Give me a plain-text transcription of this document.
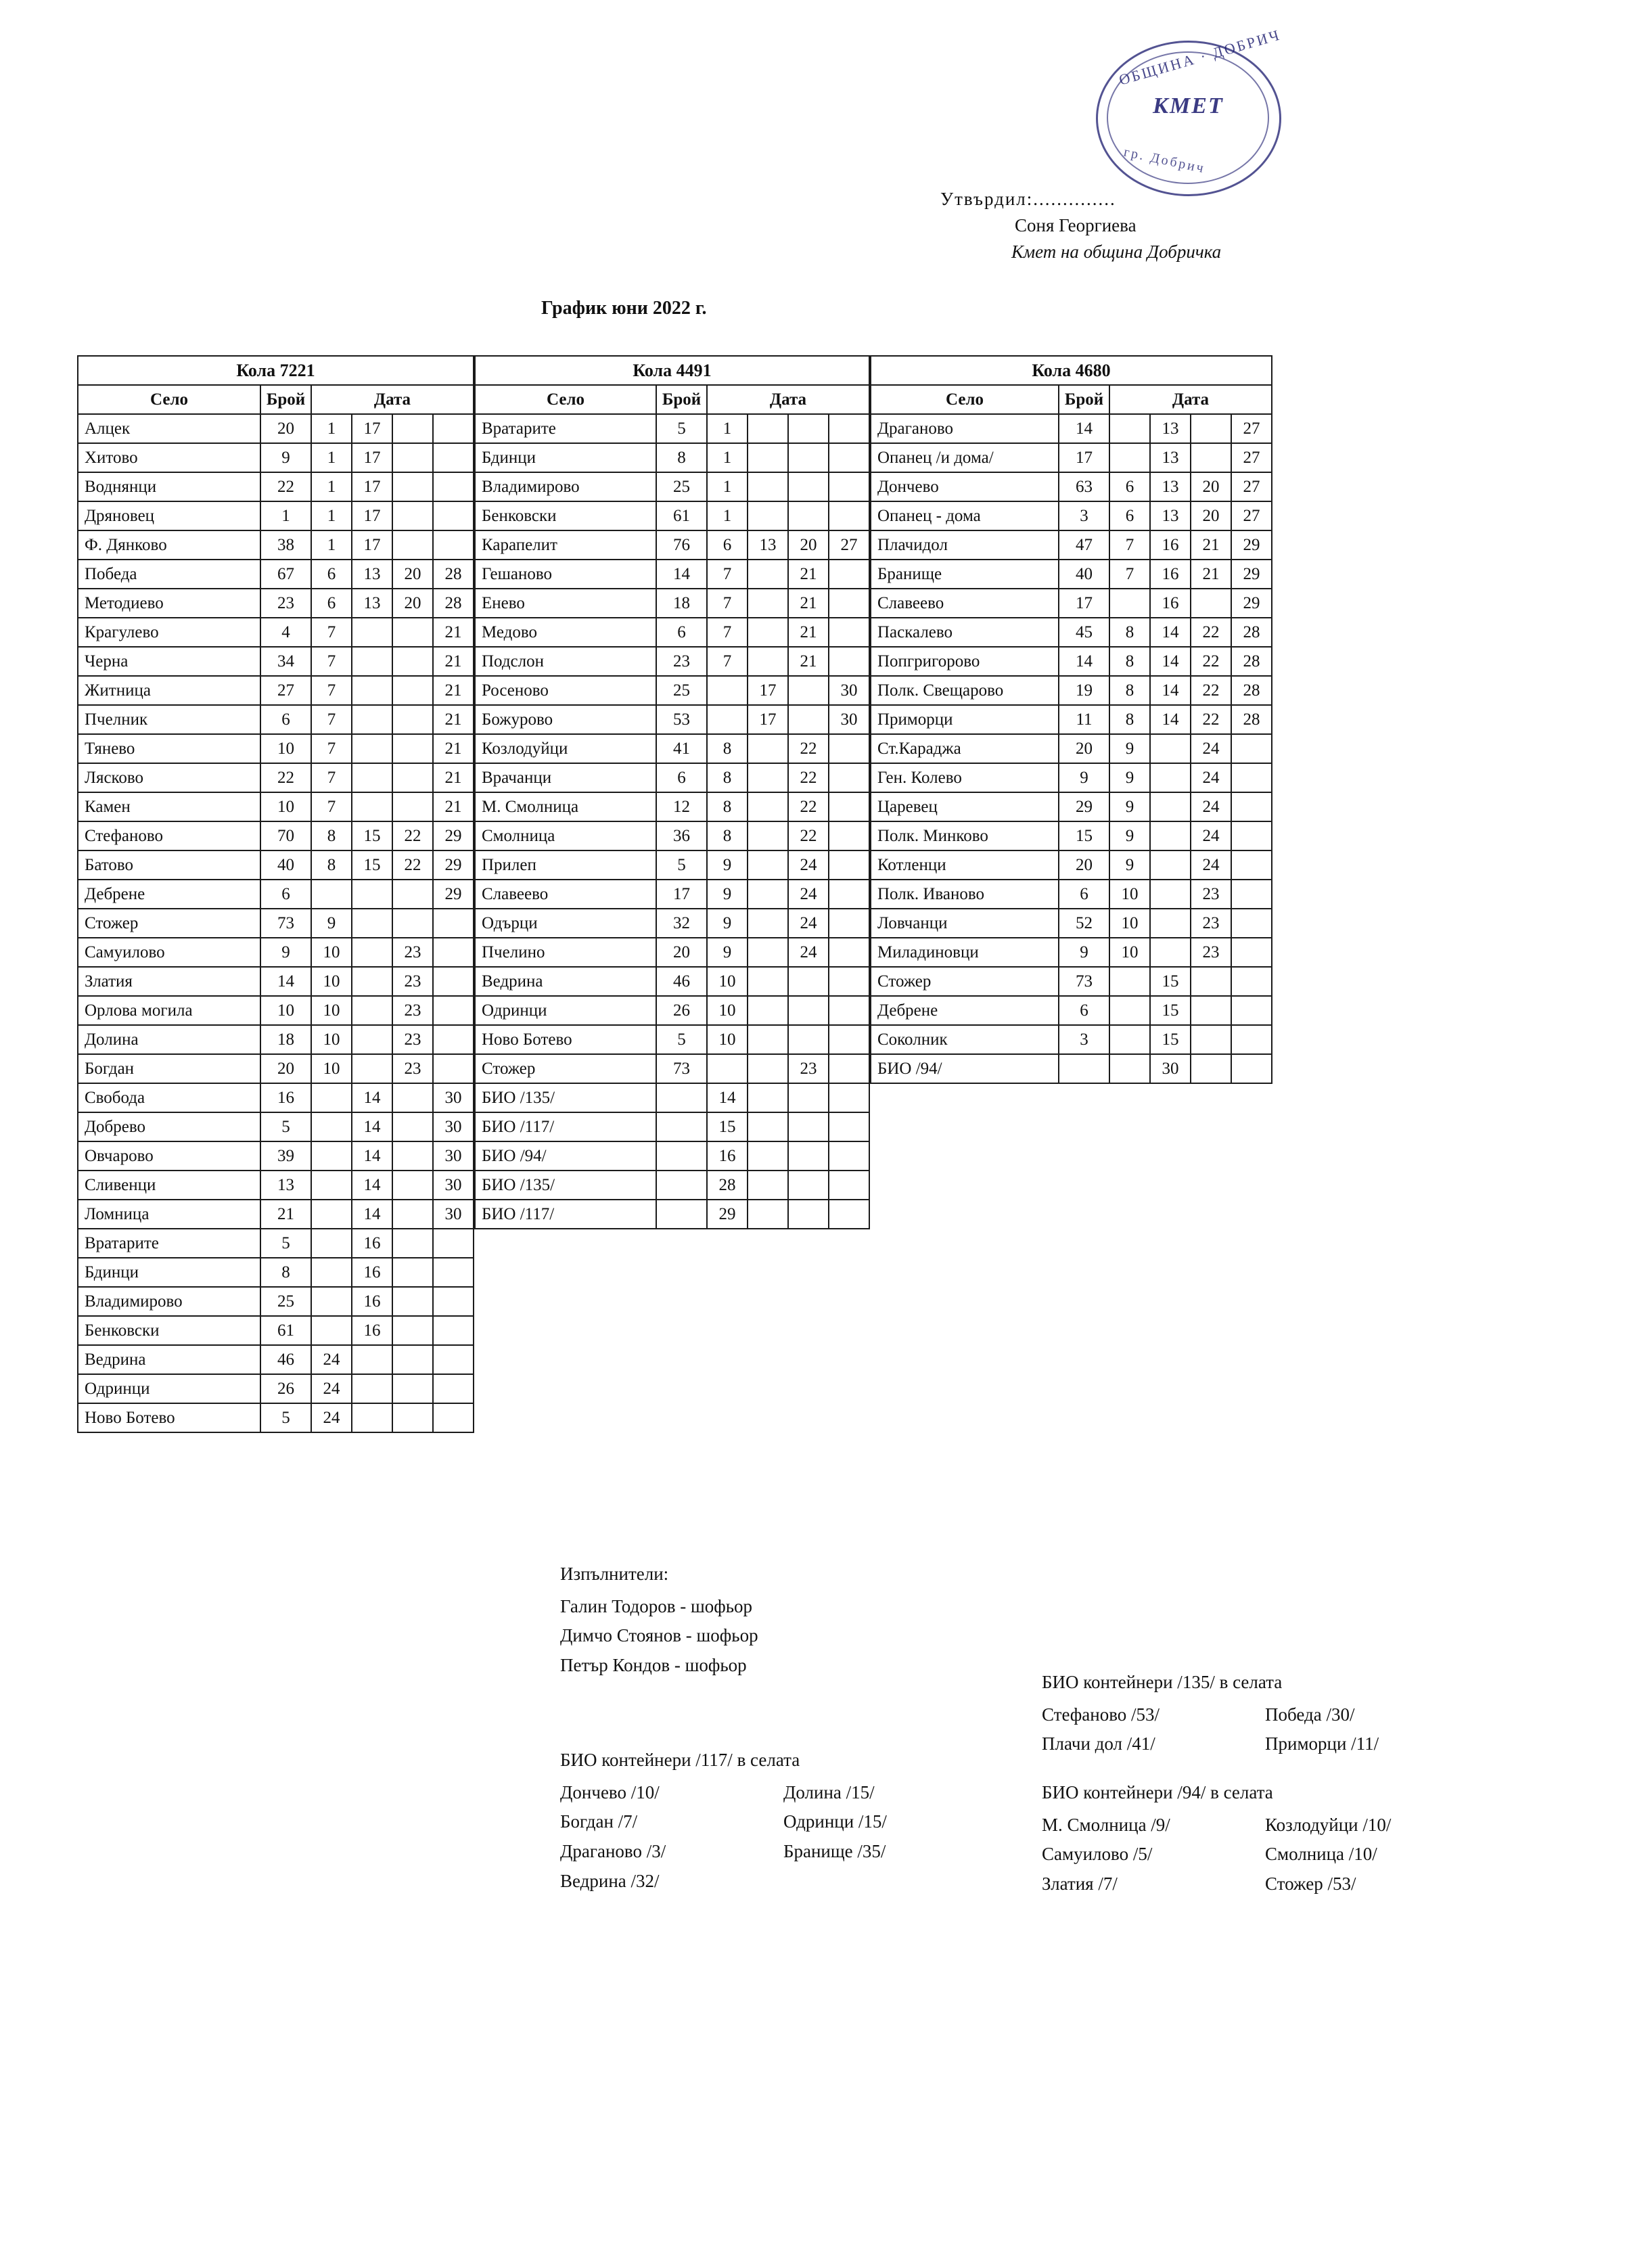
ОБЩИНА · ДОБРИЧ
КМЕТ
гр. Добрич
Утвърдил:..............
Соня Георгиева
Кмет на община Добричка
График юни 2022 г.
Кола 7221					
Село	Брой	Дата			
Алцек	20	1	17		
Хитово	9	1	17		
Воднянци	22	1	17		
Дряновец	1	1	17		
Ф. Дянково	38	1	17		
Победа	67	6	13	20	28
Методиево	23	6	13	20	28
Крагулево	4	7			21
Черна	34	7			21
Житница	27	7			21
Пчелник	6	7			21
Тянево	10	7			21
Лясково	22	7			21
Камен	10	7			21
Стефаново	70	8	15	22	29
Батово	40	8	15	22	29
Дебрене	6				29
Стожер	73	9			
Самуилово	9	10		23	
Златия	14	10		23	
Орлова могила	10	10		23	
Долина	18	10		23	
Богдан	20	10		23	
Свобода	16		14		30
Добрево	5		14		30
Овчарово	39		14		30
Сливенци	13		14		30
Ломница	21		14		30
Вратарите	5		16		
Бдинци	8		16		
Владимирово	25		16		
Бенковски	61		16		
Ведрина	46	24			
Одринци	26	24			
Ново Ботево	5	24			
Кола 4491					
Село	Брой	Дата			
Вратарите	5	1			
Бдинци	8	1			
Владимирово	25	1			
Бенковски	61	1			
Карапелит	76	6	13	20	27
Гешаново	14	7		21	
Енево	18	7		21	
Медово	6	7		21	
Подслон	23	7		21	
Росеново	25		17		30
Божурово	53		17		30
Козлодуйци	41	8		22	
Врачанци	6	8		22	
М. Смолница	12	8		22	
Смолница	36	8		22	
Прилеп	5	9		24	
Славеево	17	9		24	
Одърци	32	9		24	
Пчелино	20	9		24	
Ведрина	46	10			
Одринци	26	10			
Ново Ботево	5	10			
Стожер	73			23	
БИО /135/		14			
БИО /117/		15			
БИО /94/		16			
БИО /135/		28			
БИО /117/		29			
Кола 4680					
Село	Брой	Дата			
Драганово	14		13		27
Опанец /и дома/	17		13		27
Дончево	63	6	13	20	27
Опанец - дома	3	6	13	20	27
Плачидол	47	7	16	21	29
Бранище	40	7	16	21	29
Славеево	17		16		29
Паскалево	45	8	14	22	28
Попгригорово	14	8	14	22	28
Полк. Свещарово	19	8	14	22	28
Приморци	11	8	14	22	28
Ст.Караджа	20	9		24	
Ген. Колево	9	9		24	
Царевец	29	9		24	
Полк. Минково	15	9		24	
Котленци	20	9		24	
Полк. Иваново	6	10		23	
Ловчанци	52	10		23	
Миладиновци	9	10		23	
Стожер	73		15		
Дебрене	6		15		
Соколник	3		15		
БИО /94/			30		
Изпълнители:
Галин Тодоров - шофьор
Димчо Стоянов - шофьор
Петър Кондов - шофьор
БИО контейнери /117/ в селата
Дончево /10/	Долина /15/
Богдан /7/	Одринци /15/
Драганово /3/	Бранище /35/
Ведрина /32/
БИО контейнери /135/ в селата
Стефаново /53/	Победа /30/
Плачи дол /41/	Приморци /11/
БИО контейнери /94/ в селата
М. Смолница /9/	Козлодуйци /10/
Самуилово /5/	Смолница /10/
Златия /7/	Стожер /53/
